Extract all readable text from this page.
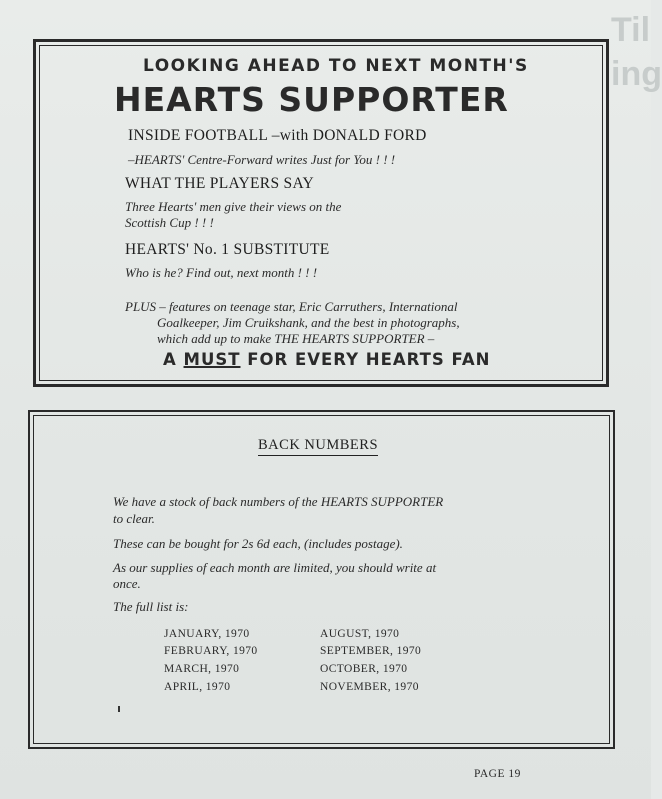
Til
ing
LOOKING AHEAD TO NEXT MONTH'S
HEARTS SUPPORTER
INSIDE FOOTBALL –with DONALD FORD
–HEARTS' Centre-Forward writes Just for You ! ! !
WHAT THE PLAYERS SAY
Three Hearts' men give their views on the
Scottish Cup ! ! !
HEARTS' No. 1 SUBSTITUTE
Who is he? Find out, next month ! ! !
PLUS – features on teenage star, Eric Carruthers, International
Goalkeeper, Jim Cruikshank, and the best in photographs,
which add up to make THE HEARTS SUPPORTER –
A MUST FOR EVERY HEARTS FAN
BACK NUMBERS
We have a stock of back numbers of the HEARTS SUPPORTER
to clear.
These can be bought for 2s 6d each, (includes postage).
As our supplies of each month are limited, you should write at
once.
The full list is:
JANUARY, 1970
FEBRUARY, 1970
MARCH, 1970
APRIL, 1970
AUGUST, 1970
SEPTEMBER, 1970
OCTOBER, 1970
NOVEMBER, 1970
PAGE 19
